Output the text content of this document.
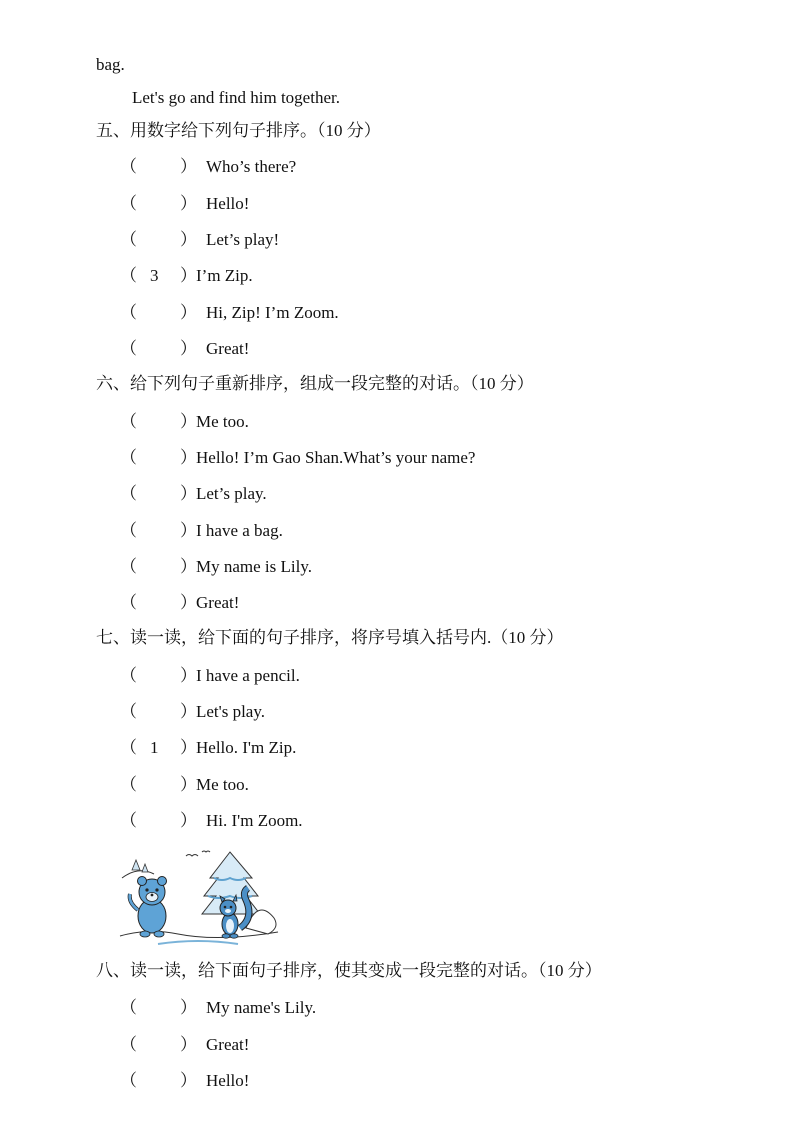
bag.
Let's go and find him together.
五、用数字给下列句子排序。（10 分）
（	） Who’s there?
（	） Hello!
（	） Let’s play!
（ 3 ） I’m Zip.
（	） Hi, Zip! I’m Zoom.
（	） Great!
六、给下列句子重新排序，组成一段完整的对话。（10 分）
（	） Me too.
（	） Hello! I’m Gao Shan.What’s your name?
（	） Let’s play.
（	） I have a bag.
（	） My name is Lily.
（	） Great!
七、读一读，给下面的句子排序，将序号填入括号内.（10 分）
（	） I have a pencil.
（	） Let's play.
（ 1 ） Hello. I'm Zip.
（	） Me too.
（	） Hi. I'm Zoom.
八、读一读，给下面句子排序，使其变成一段完整的对话。（10 分）
（	） My name's Lily.
（	） Great!
（	） Hello!
